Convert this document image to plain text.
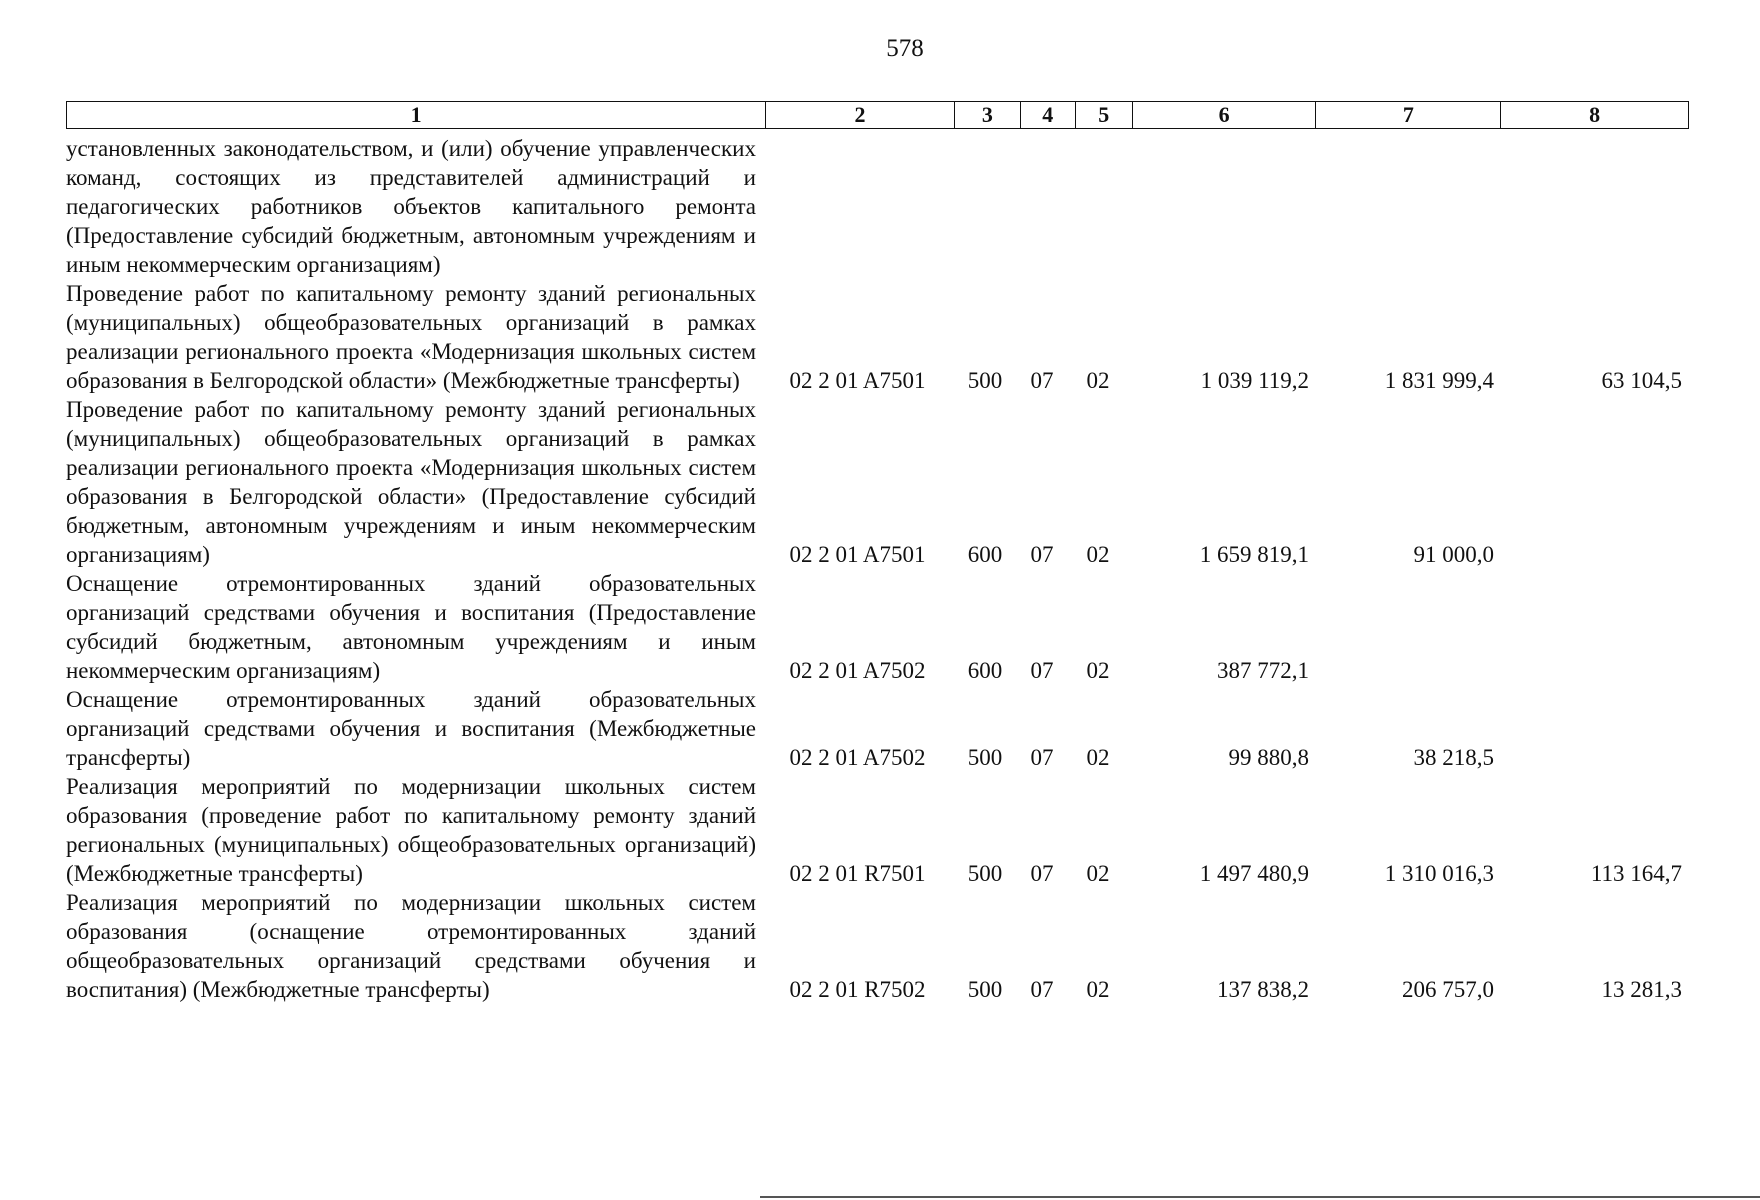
578
1	2	3	4	5	6	7	8
установленных законодательством, и (или) обучение управленческих команд, состоящих из представителей администраций и педагогических работников объектов капитального ремонта (Предоставление субсидий бюджетным, автономным учреждениям и иным некоммерческим организациям)
Проведение работ по капитальному ремонту зданий региональных (муниципальных) общеобразовательных организаций в рамках реализации регионального проекта «Модернизация школьных систем образования в Белгородской области» (Межбюджетные трансферты)	02 2 01 A7501	500	07	02	1 039 119,2	1 831 999,4	63 104,5
Проведение работ по капитальному ремонту зданий региональных (муниципальных) общеобразовательных организаций в рамках реализации регионального проекта «Модернизация школьных систем образования в Белгородской области» (Предоставление субсидий бюджетным, автономным учреждениям и иным некоммерческим организациям)	02 2 01 A7501	600	07	02	1 659 819,1	91 000,0
Оснащение отремонтированных зданий образовательных организаций средствами обучения и воспитания (Предоставление субсидий бюджетным, автономным учреждениям и иным некоммерческим организациям)	02 2 01 A7502	600	07	02	387 772,1
Оснащение отремонтированных зданий образовательных организаций средствами обучения и воспитания (Межбюджетные трансферты)	02 2 01 A7502	500	07	02	99 880,8	38 218,5
Реализация мероприятий по модернизации школьных систем образования (проведение работ по капитальному ремонту зданий региональных (муниципальных) общеобразовательных организаций) (Межбюджетные трансферты)	02 2 01 R7501	500	07	02	1 497 480,9	1 310 016,3	113 164,7
Реализация мероприятий по модернизации школьных систем образования (оснащение отремонтированных зданий общеобразовательных организаций средствами обучения и воспитания) (Межбюджетные трансферты)	02 2 01 R7502	500	07	02	137 838,2	206 757,0	13 281,3
